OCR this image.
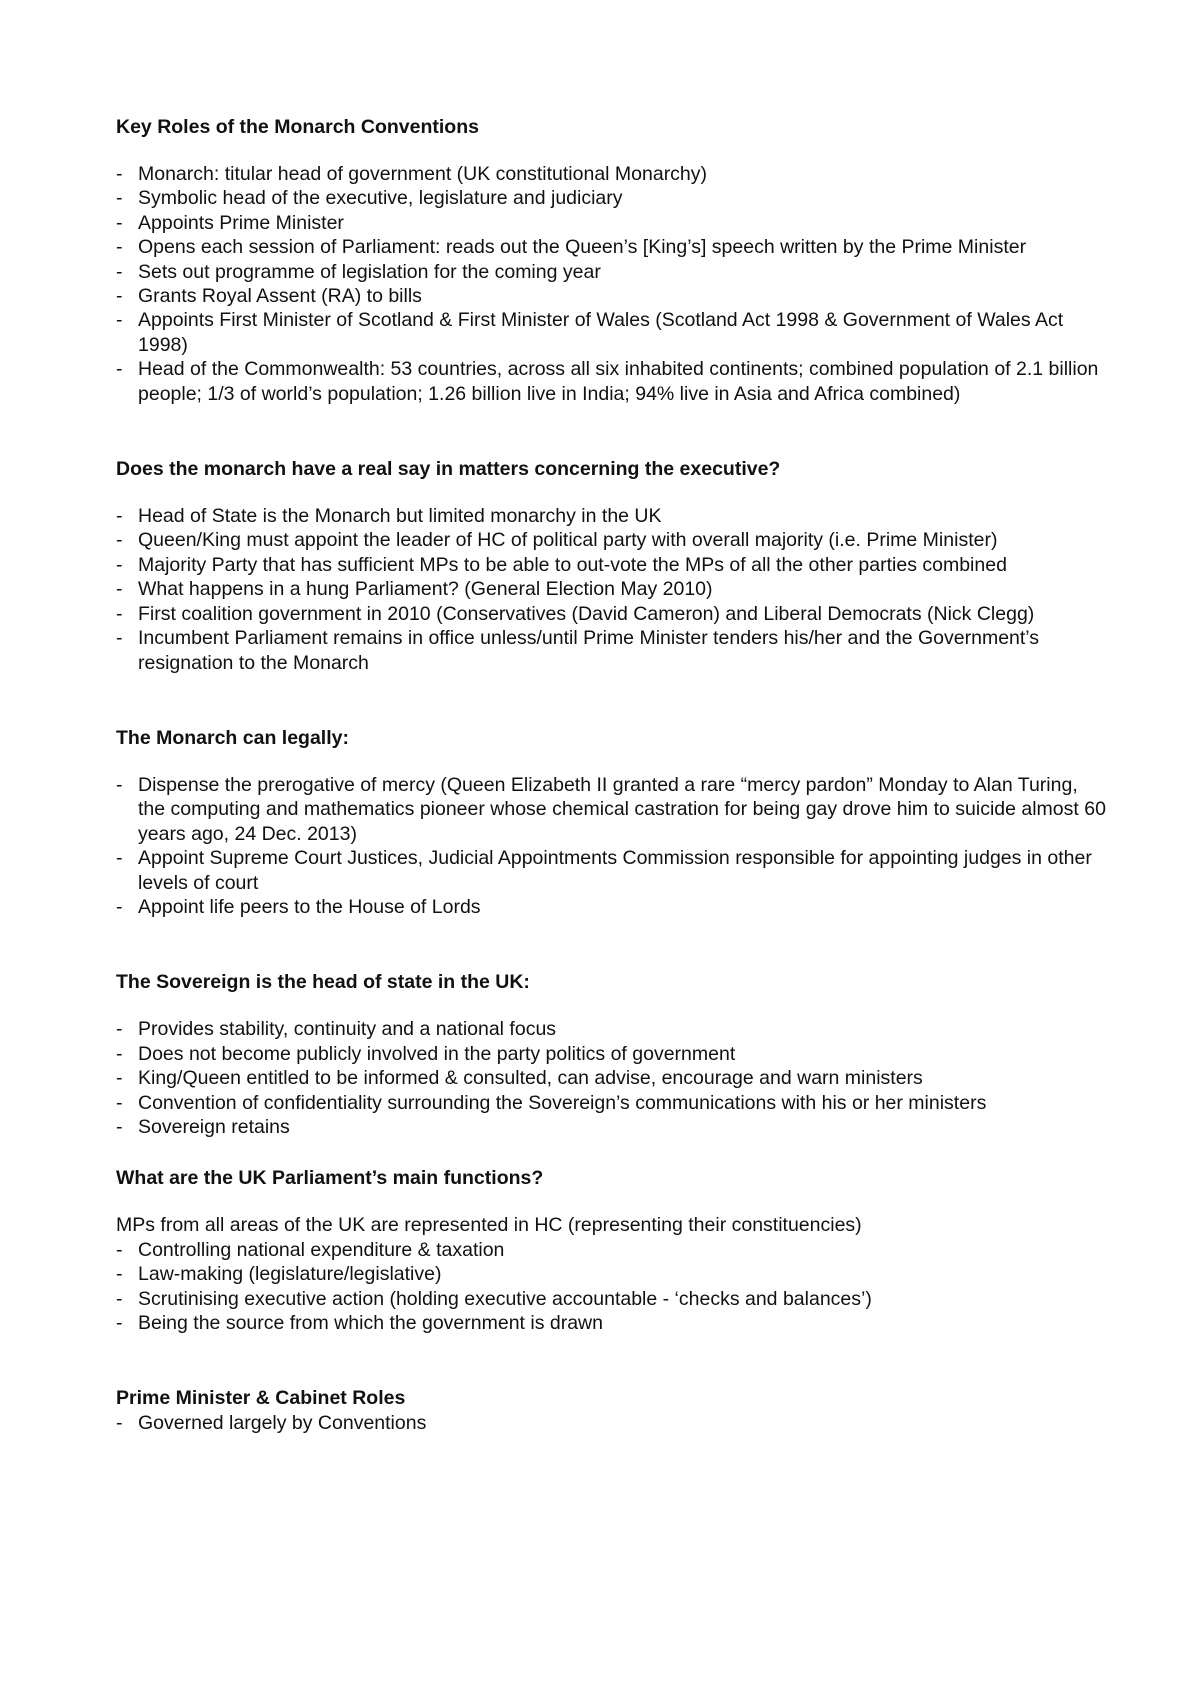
Key Roles of the Monarch Conventions
- Monarch: titular head of government (UK constitutional Monarchy)
- Symbolic head of the executive, legislature and judiciary
- Appoints Prime Minister
- Opens each session of Parliament: reads out the Queen’s [King’s] speech written by the Prime Minister
- Sets out programme of legislation for the coming year
- Grants Royal Assent (RA) to bills
- Appoints First Minister of Scotland & First Minister of Wales (Scotland Act 1998 & Government of Wales Act 1998)
- Head of the Commonwealth: 53 countries, across all six inhabited continents; combined population of 2.1 billion people; 1/3 of world’s population; 1.26 billion live in India; 94% live in Asia and Africa combined)
Does the monarch have a real say in matters concerning the executive?
- Head of State is the Monarch but limited monarchy in the UK
- Queen/King must appoint the leader of HC of political party with overall majority (i.e. Prime Minister)
- Majority Party that has sufficient MPs to be able to out-vote the MPs of all the other parties combined
- What happens in a hung Parliament? (General Election May 2010)
- First coalition government in 2010 (Conservatives (David Cameron) and Liberal Democrats (Nick Clegg)
- Incumbent Parliament remains in office unless/until Prime Minister tenders his/her and the Government’s resignation to the Monarch
The Monarch can legally:
- Dispense the prerogative of mercy (Queen Elizabeth II granted a rare “mercy pardon” Monday to Alan Turing, the computing and mathematics pioneer whose chemical castration for being gay drove him to suicide almost 60 years ago, 24 Dec. 2013)
- Appoint Supreme Court Justices, Judicial Appointments Commission responsible for appointing judges in other levels of court
- Appoint life peers to the House of Lords
The Sovereign is the head of state in the UK:
- Provides stability, continuity and a national focus
- Does not become publicly involved in the party politics of government
- King/Queen entitled to be informed & consulted, can advise, encourage and warn ministers
- Convention of confidentiality surrounding the Sovereign’s communications with his or her ministers
- Sovereign retains
What are the UK Parliament’s main functions?

MPs from all areas of the UK are represented in HC (representing their constituencies)

- Controlling national expenditure & taxation
- Law-making (legislature/legislative)
- Scrutinising executive action (holding executive accountable - ‘checks and balances’)
- Being the source from which the government is drawn
Prime Minister & Cabinet Roles
- Governed largely by Conventions
